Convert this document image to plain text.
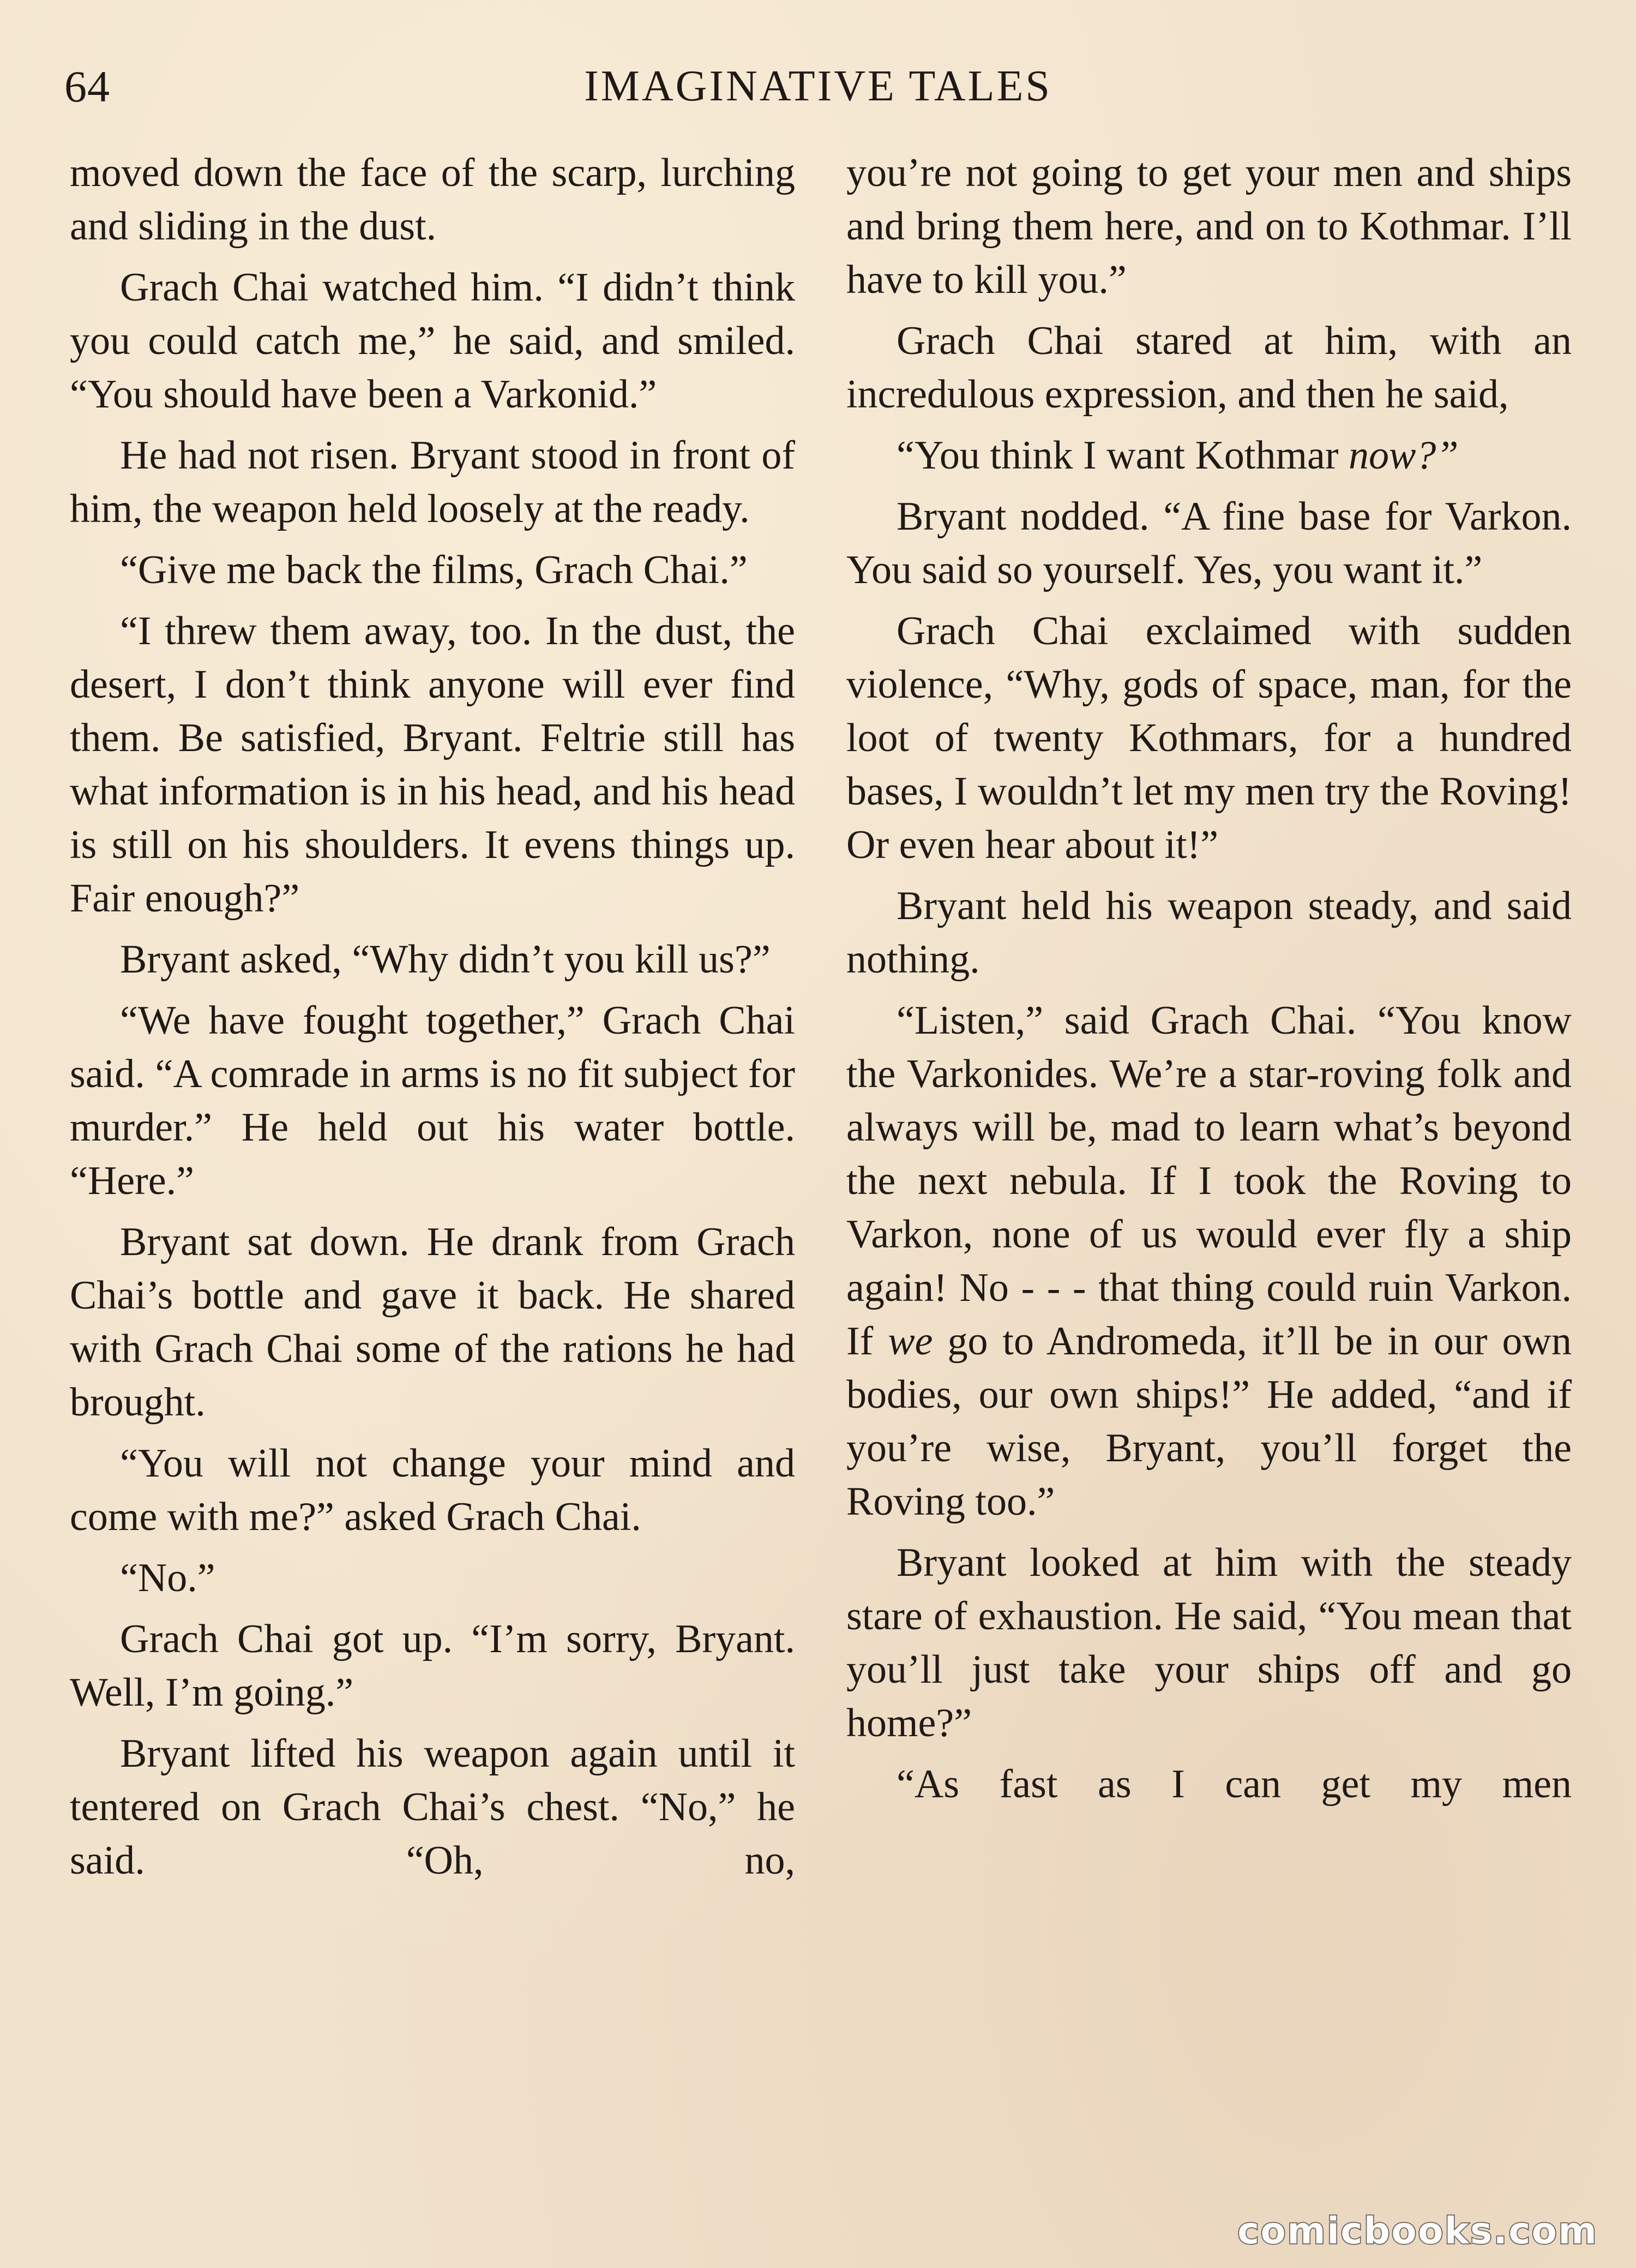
64	IMAGINATIVE TALES

moved down the face of the scarp, lurching and sliding in the dust.

Grach Chai watched him. “I didn’t think you could catch me,” he said, and smiled. “You should have been a Varkonid.”

He had not risen. Bryant stood in front of him, the weapon held loosely at the ready.

“Give me back the films, Grach Chai.”

“I threw them away, too. In the dust, the desert, I don’t think anyone will ever find them. Be satisfied, Bryant. Feltrie still has what information is in his head, and his head is still on his shoulders. It evens things up. Fair enough?”

Bryant asked, “Why didn’t you kill us?”

“We have fought together,” Grach Chai said. “A comrade in arms is no fit subject for murder.” He held out his water bottle. “Here.”

Bryant sat down. He drank from Grach Chai’s bottle and gave it back. He shared with Grach Chai some of the rations he had brought.

“You will not change your mind and come with me?” asked Grach Chai.

“No.”

Grach Chai got up. “I’m sorry, Bryant. Well, I’m going.”

Bryant lifted his weapon again until it tentered on Grach Chai’s chest. “No,” he said. “Oh, no,

you’re not going to get your men and ships and bring them here, and on to Kothmar. I’ll have to kill you.”

Grach Chai stared at him, with an incredulous expression, and then he said,

“You think I want Kothmar now?”

Bryant nodded. “A fine base for Varkon. You said so yourself. Yes, you want it.”

Grach Chai exclaimed with sudden violence, “Why, gods of space, man, for the loot of twenty Kothmars, for a hundred bases, I wouldn’t let my men try the Roving! Or even hear about it!”

Bryant held his weapon steady, and said nothing.

“Listen,” said Grach Chai. “You know the Varkonides. We’re a star-roving folk and always will be, mad to learn what’s beyond the next nebula. If I took the Roving to Varkon, none of us would ever fly a ship again! No - - - that thing could ruin Varkon. If we go to Andromeda, it’ll be in our own bodies, our own ships!” He added, “and if you’re wise, Bryant, you’ll forget the Roving too.”

Bryant looked at him with the steady stare of exhaustion. He said, “You mean that you’ll just take your ships off and go home?”

“As fast as I can get my men

comicbooks.com
